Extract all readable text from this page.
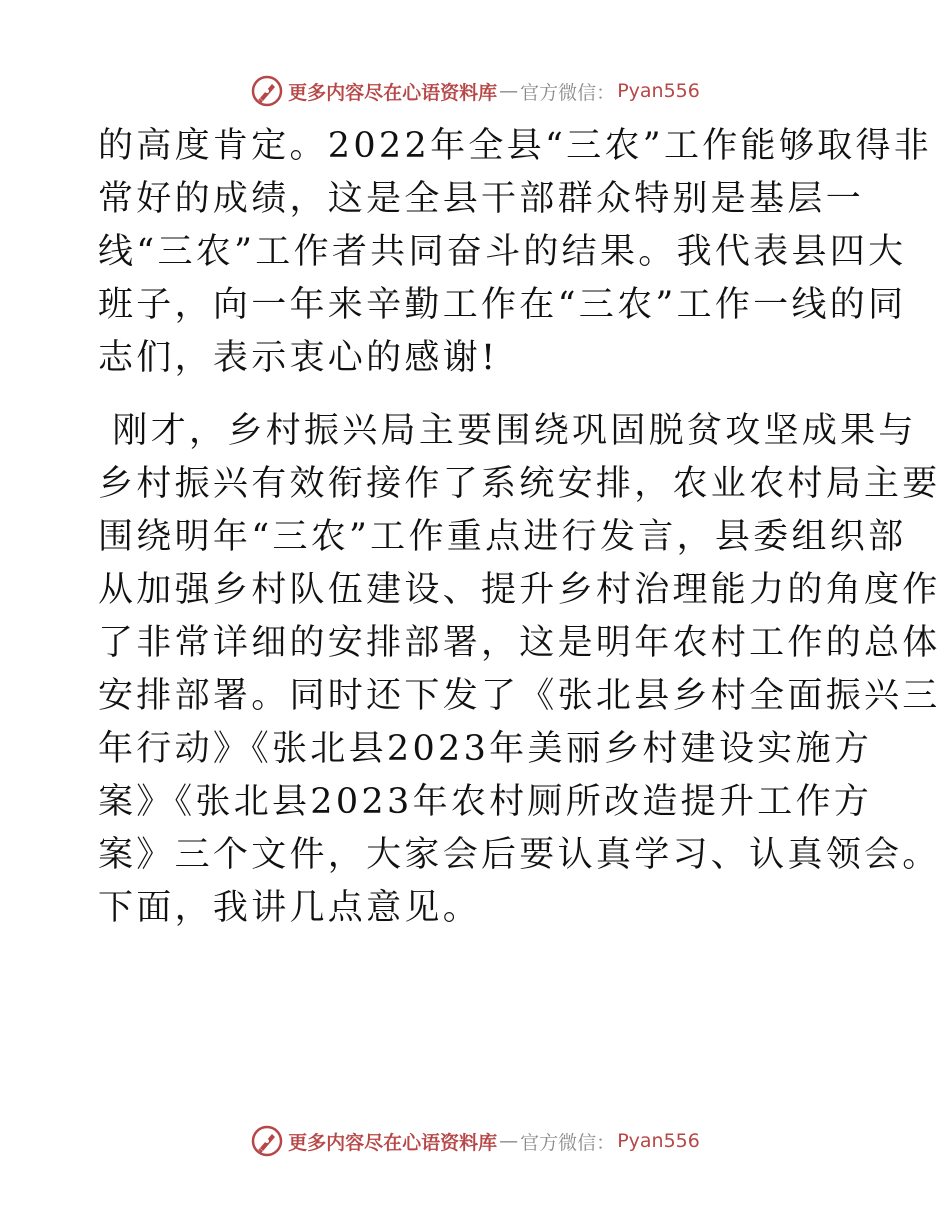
更多内容尽在心语资料库 — 官方微信： Pyan556

的高度肯定。2022年全县“三农”工作能够取得非
常好的成绩，这是全县干部群众特别是基层一
线“三农”工作者共同奋斗的结果。我代表县四大
班子，向一年来辛勤工作在“三农”工作一线的同
志们，表示衷心的感谢!

刚才，乡村振兴局主要围绕巩固脱贫攻坚成果与
乡村振兴有效衔接作了系统安排，农业农村局主要
围绕明年“三农”工作重点进行发言，县委组织部
从加强乡村队伍建设、提升乡村治理能力的角度作
了非常详细的安排部署，这是明年农村工作的总体
安排部署。同时还下发了《张北县乡村全面振兴三
年行动》《张北县2023年美丽乡村建设实施方
案》《张北县2023年农村厕所改造提升工作方
案》三个文件，大家会后要认真学习、认真领会。
下面，我讲几点意见。

更多内容尽在心语资料库 — 官方微信： Pyan556
